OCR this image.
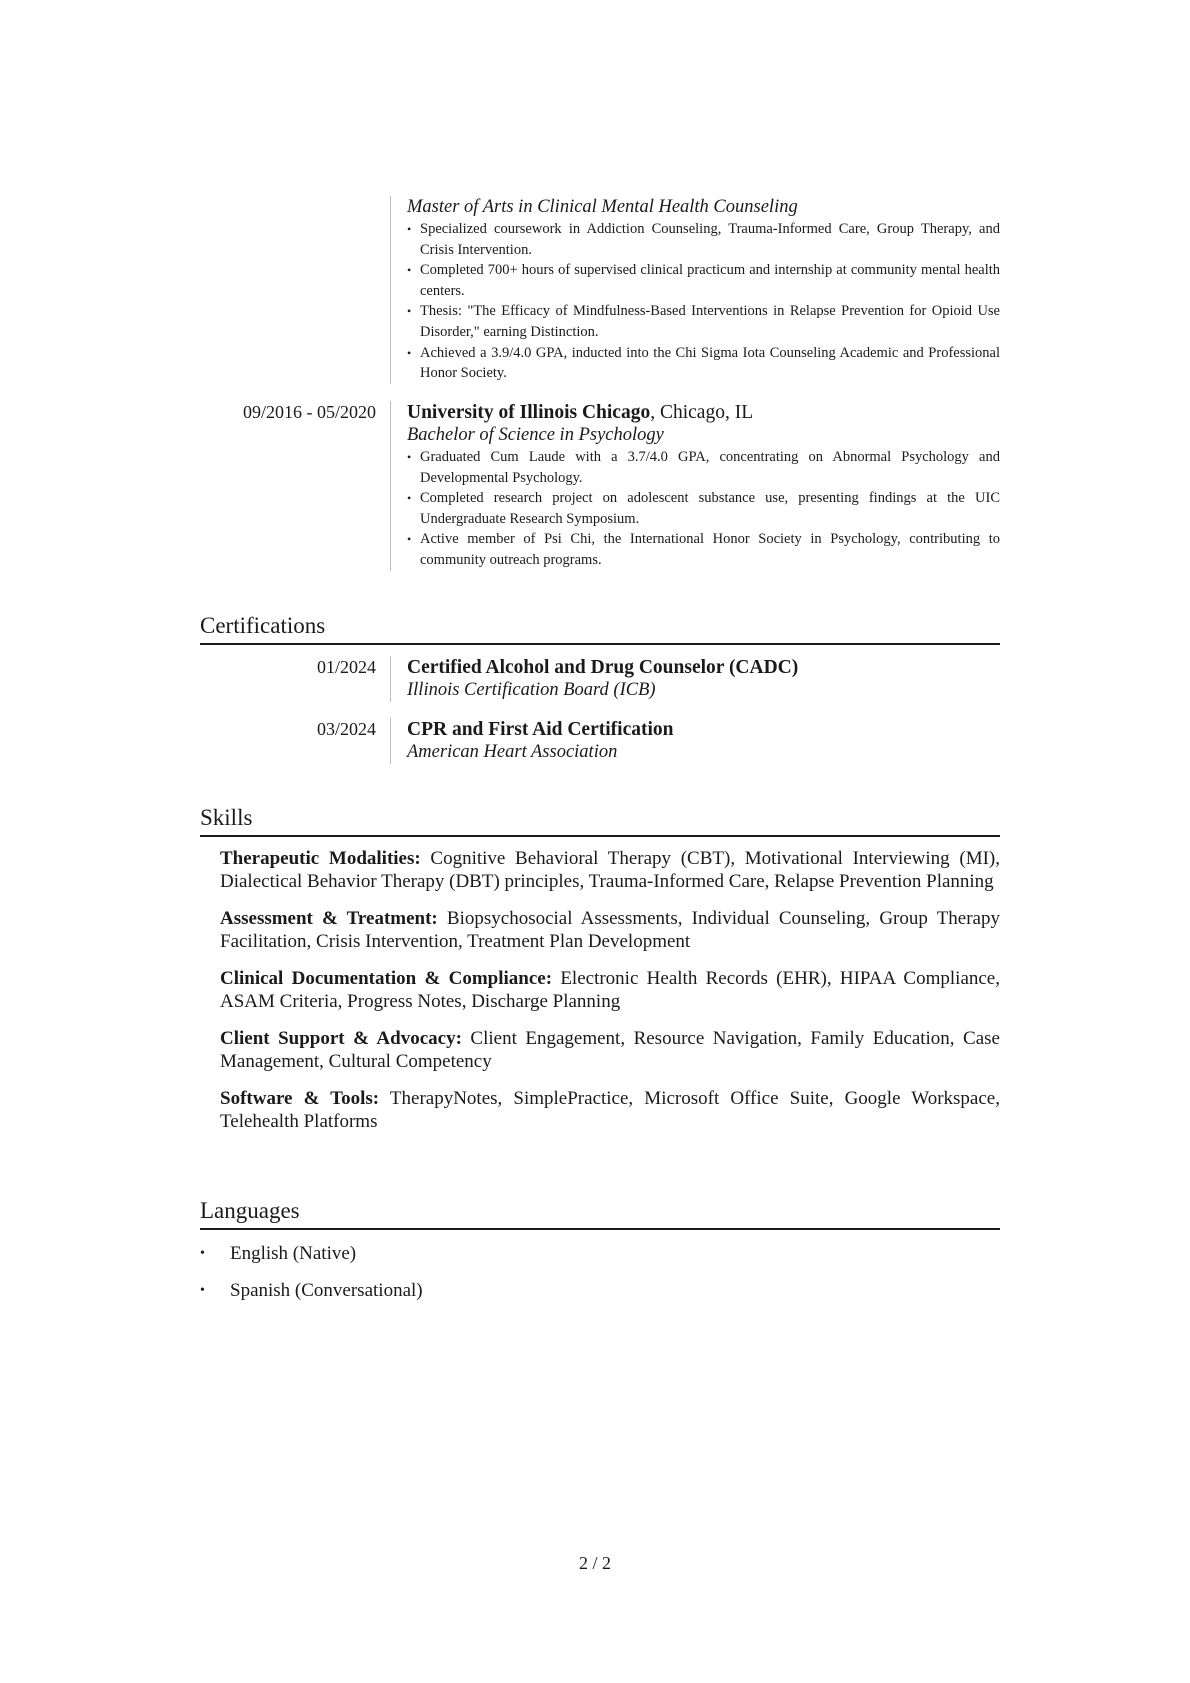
Master of Arts in Clinical Mental Health Counseling
• Specialized coursework in Addiction Counseling, Trauma-Informed Care, Group Therapy, and Crisis Intervention.
• Completed 700+ hours of supervised clinical practicum and internship at community mental health centers.
• Thesis: "The Efficacy of Mindfulness-Based Interventions in Relapse Prevention for Opioid Use Disorder," earning Distinction.
• Achieved a 3.9/4.0 GPA, inducted into the Chi Sigma Iota Counseling Academic and Professional Honor Society.
09/2016 - 05/2020 University of Illinois Chicago, Chicago, IL
Bachelor of Science in Psychology
• Graduated Cum Laude with a 3.7/4.0 GPA, concentrating on Abnormal Psychology and Developmental Psychology.
• Completed research project on adolescent substance use, presenting findings at the UIC Undergraduate Research Symposium.
• Active member of Psi Chi, the International Honor Society in Psychology, contributing to community outreach programs.
Certifications
01/2024 Certified Alcohol and Drug Counselor (CADC)
Illinois Certification Board (ICB)
03/2024 CPR and First Aid Certification
American Heart Association
Skills
Therapeutic Modalities: Cognitive Behavioral Therapy (CBT), Motivational Interviewing (MI), Dialectical Behavior Therapy (DBT) principles, Trauma-Informed Care, Relapse Prevention Planning
Assessment & Treatment: Biopsychosocial Assessments, Individual Counseling, Group Therapy Facilitation, Crisis Intervention, Treatment Plan Development
Clinical Documentation & Compliance: Electronic Health Records (EHR), HIPAA Compliance, ASAM Criteria, Progress Notes, Discharge Planning
Client Support & Advocacy: Client Engagement, Resource Navigation, Family Education, Case Management, Cultural Competency
Software & Tools: TherapyNotes, SimplePractice, Microsoft Office Suite, Google Workspace, Telehealth Platforms
Languages
• English (Native)
• Spanish (Conversational)
2 / 2
